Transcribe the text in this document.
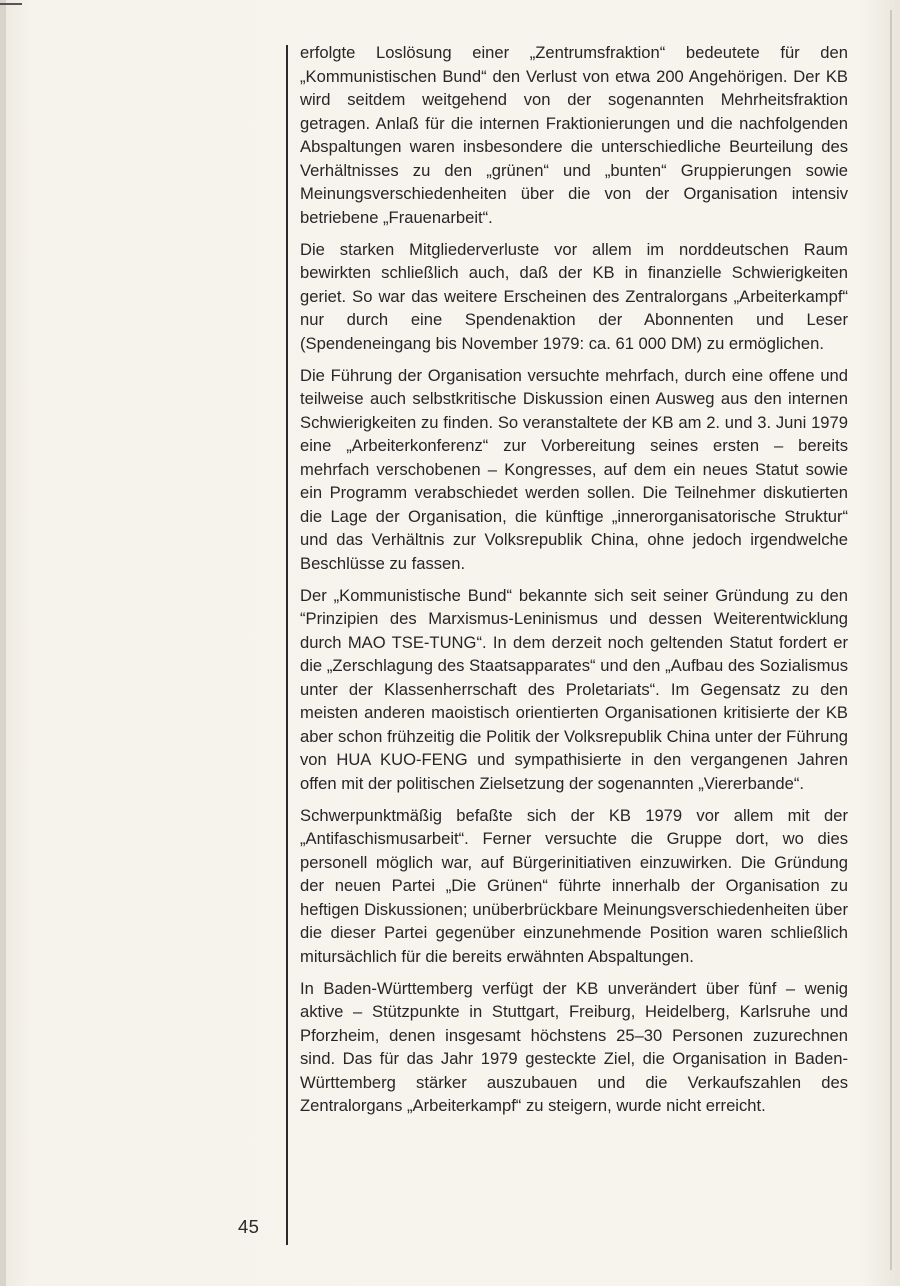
45

erfolgte Loslösung einer „Zentrumsfraktion“ bedeutete für den „Kommunistischen Bund“ den Verlust von etwa 200 Angehörigen. Der KB wird seitdem weitgehend von der sogenannten Mehrheitsfraktion getragen. Anlaß für die internen Fraktionierungen und die nachfolgenden Abspaltungen waren insbesondere die unterschiedliche Beurteilung des Verhältnisses zu den „grünen“ und „bunten“ Gruppierungen sowie Meinungsverschiedenheiten über die von der Organisation intensiv betriebene „Frauenarbeit“.

Die starken Mitgliederverluste vor allem im norddeutschen Raum bewirkten schließlich auch, daß der KB in finanzielle Schwierigkeiten geriet. So war das weitere Erscheinen des Zentralorgans „Arbeiterkampf“ nur durch eine Spendenaktion der Abonnenten und Leser (Spendeneingang bis November 1979: ca. 61 000 DM) zu ermöglichen.

Die Führung der Organisation versuchte mehrfach, durch eine offene und teilweise auch selbstkritische Diskussion einen Ausweg aus den internen Schwierigkeiten zu finden. So veranstaltete der KB am 2. und 3. Juni 1979 eine „Arbeiterkonferenz“ zur Vorbereitung seines ersten – bereits mehrfach verschobenen – Kongresses, auf dem ein neues Statut sowie ein Programm verabschiedet werden sollen. Die Teilnehmer diskutierten die Lage der Organisation, die künftige „innerorganisatorische Struktur“ und das Verhältnis zur Volksrepublik China, ohne jedoch irgendwelche Beschlüsse zu fassen.

Der „Kommunistische Bund“ bekannte sich seit seiner Gründung zu den “Prinzipien des Marxismus-Leninismus und dessen Weiterentwicklung durch MAO TSE-TUNG“. In dem derzeit noch geltenden Statut fordert er die „Zerschlagung des Staatsapparates“ und den „Aufbau des Sozialismus unter der Klassenherrschaft des Proletariats“. Im Gegensatz zu den meisten anderen maoistisch orientierten Organisationen kritisierte der KB aber schon frühzeitig die Politik der Volksrepublik China unter der Führung von HUA KUO-FENG und sympathisierte in den vergangenen Jahren offen mit der politischen Zielsetzung der sogenannten „Viererbande“.

Schwerpunktmäßig befaßte sich der KB 1979 vor allem mit der „Antifaschismusarbeit“. Ferner versuchte die Gruppe dort, wo dies personell möglich war, auf Bürgerinitiativen einzuwirken. Die Gründung der neuen Partei „Die Grünen“ führte innerhalb der Organisation zu heftigen Diskussionen; unüberbrückbare Meinungsverschiedenheiten über die dieser Partei gegenüber einzunehmende Position waren schließlich mitursächlich für die bereits erwähnten Abspaltungen.

In Baden-Württemberg verfügt der KB unverändert über fünf – wenig aktive – Stützpunkte in Stuttgart, Freiburg, Heidelberg, Karlsruhe und Pforzheim, denen insgesamt höchstens 25–30 Personen zuzurechnen sind. Das für das Jahr 1979 gesteckte Ziel, die Organisation in Baden-Württemberg stärker auszubauen und die Verkaufszahlen des Zentralorgans „Arbeiterkampf“ zu steigern, wurde nicht erreicht.
